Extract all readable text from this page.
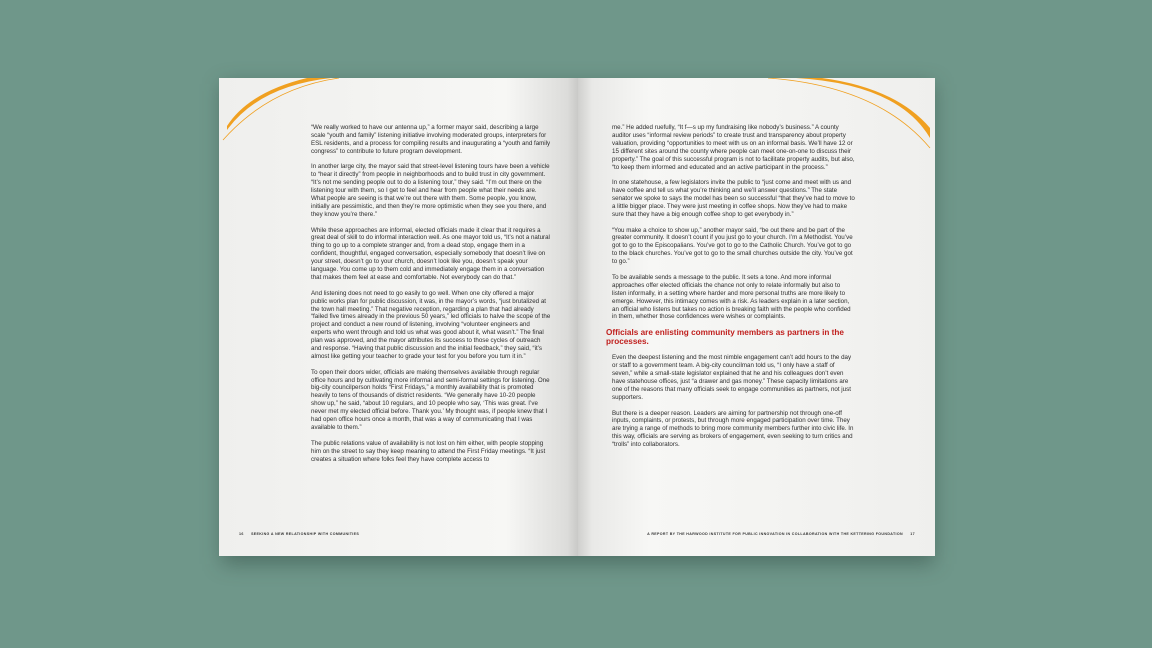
“We really worked to have our antenna up,” a former mayor said, describing a large scale “youth and family” listening initiative involving moderated groups, interpreters for ESL residents, and a process for compiling results and inaugurating a “youth and family congress” to contribute to future program development.

In another large city, the mayor said that street-level listening tours have been a vehicle to “hear it directly” from people in neighborhoods and to build trust in city government. “It’s not me sending people out to do a listening tour,” they said. “I’m out there on the listening tour with them, so I get to feel and hear from people what their needs are. What people are seeing is that we’re out there with them. Some people, you know, initially are pessimistic, and then they’re more optimistic when they see you there, and they know you’re there.”

While these approaches are informal, elected officials made it clear that it requires a great deal of skill to do informal interaction well. As one mayor told us, “It’s not a natural thing to go up to a complete stranger and, from a dead stop, engage them in a confident, thoughtful, engaged conversation, especially somebody that doesn’t live on your street, doesn’t go to your church, doesn’t look like you, doesn’t speak your language. You come up to them cold and immediately engage them in a conversation that makes them feel at ease and comfortable. Not everybody can do that.”

And listening does not need to go easily to go well. When one city offered a major public works plan for public discussion, it was, in the mayor’s words, “just brutalized at the town hall meeting.” That negative reception, regarding a plan that had already “failed five times already in the previous 50 years,” led officials to halve the scope of the project and conduct a new round of listening, involving “volunteer engineers and experts who went through and told us what was good about it, what wasn’t.” The final plan was approved, and the mayor attributes its success to those cycles of outreach and response. “Having that public discussion and the initial feedback,” they said, “it’s almost like getting your teacher to grade your test for you before you turn it in.”

To open their doors wider, officials are making themselves available through regular office hours and by cultivating more informal and semi-formal settings for listening. One big-city councilperson holds “First Fridays,” a monthly availability that is promoted heavily to tens of thousands of district residents. “We generally have 10-20 people show up,” he said, “about 10 regulars, and 10 people who say, ‘This was great. I’ve never met my elected official before. Thank you.’ My thought was, if people knew that I had open office hours once a month, that was a way of communicating that I was available to them.”

The public relations value of availability is not lost on him either, with people stopping him on the street to say they keep meaning to attend the First Friday meetings. “It just creates a situation where folks feel they have complete access to

16 SEEKING A NEW RELATIONSHIP WITH COMMUNITIES

me.” He added ruefully, “It f—s up my fundraising like nobody’s business.” A county auditor uses “informal review periods” to create trust and transparency about property valuation, providing “opportunities to meet with us on an informal basis. We’ll have 12 or 15 different sites around the county where people can meet one-on-one to discuss their property.” The goal of this successful program is not to facilitate property audits, but also, “to keep them informed and educated and an active participant in the process.”

In one statehouse, a few legislators invite the public to “just come and meet with us and have coffee and tell us what you’re thinking and we’ll answer questions.” The state senator we spoke to says the model has been so successful “that they’ve had to move to a little bigger place. They were just meeting in coffee shops. Now they’ve had to make sure that they have a big enough coffee shop to get everybody in.”

“You make a choice to show up,” another mayor said, “be out there and be part of the greater community. It doesn’t count if you just go to your church. I’m a Methodist. You’ve got to go to the Episcopalians. You’ve got to go to the Catholic Church. You’ve got to go to the black churches. You’ve got to go to the small churches outside the city. You’ve got to go.”

To be available sends a message to the public. It sets a tone. And more informal approaches offer elected officials the chance not only to relate informally but also to listen informally, in a setting where harder and more personal truths are more likely to emerge. However, this intimacy comes with a risk. As leaders explain in a later section, an official who listens but takes no action is breaking faith with the people who confided in them, whether those confidences were wishes or complaints.

Officials are enlisting community members as partners in the processes.

Even the deepest listening and the most nimble engagement can’t add hours to the day or staff to a government team. A big-city councilman told us, “I only have a staff of seven,” while a small-state legislator explained that he and his colleagues don’t even have statehouse offices, just “a drawer and gas money.” These capacity limitations are one of the reasons that many officials seek to engage communities as partners, not just supporters.

But there is a deeper reason. Leaders are aiming for partnership not through one-off inputs, complaints, or protests, but through more engaged participation over time. They are trying a range of methods to bring more community members further into civic life. In this way, officials are serving as brokers of engagement, even seeking to turn critics and “trolls” into collaborators.

A REPORT BY THE HARWOOD INSTITUTE FOR PUBLIC INNOVATION IN COLLABORATION WITH THE KETTERING FOUNDATION 17
